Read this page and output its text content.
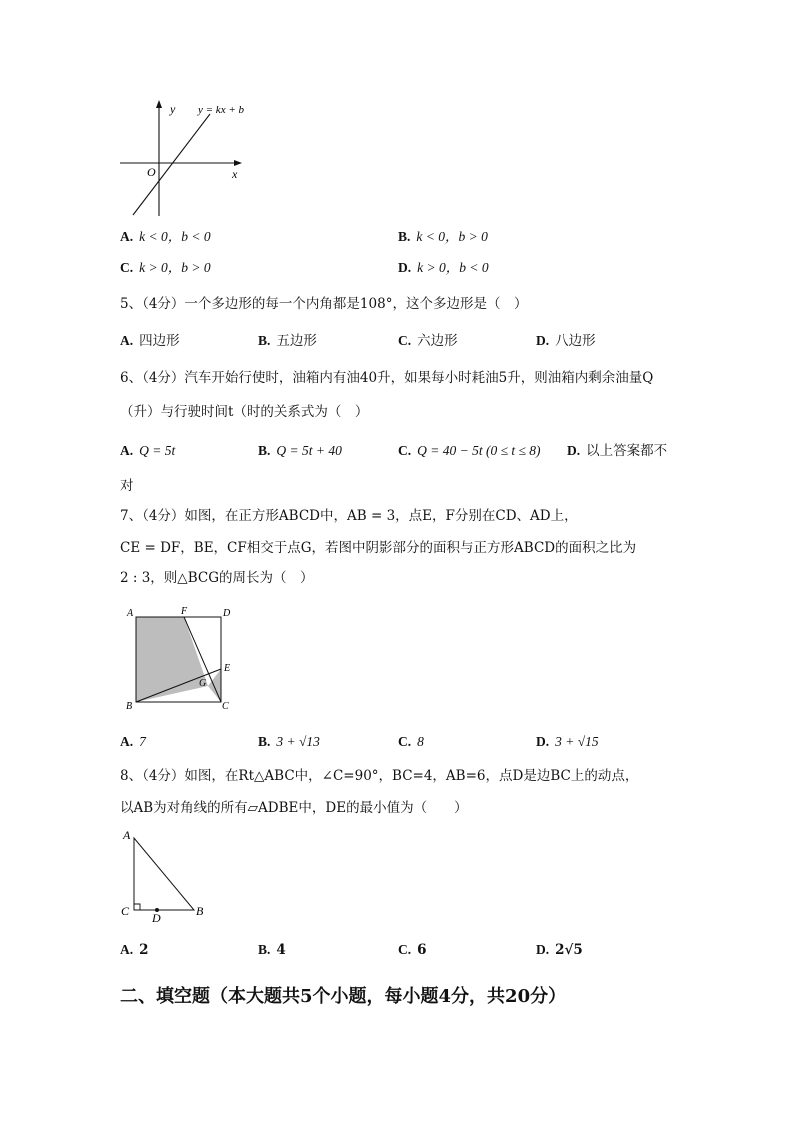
y y = kx + b
O	x
A. k < 0，b < 0	B. k < 0，b > 0
C. k > 0，b > 0	D. k > 0，b < 0
5、（4分）一个多边形的每一个内角都是108°，这个多边形是（　）
A. 四边形	B. 五边形	C. 六边形	D. 八边形
6、（4分）汽车开始行使时，油箱内有油40升，如果每小时耗油5升，则油箱内剩余油量Q
（升）与行驶时间t（时的关系式为（　）
A. Q = 5t	B. Q = 5t + 40	C. Q = 40 − 5t (0 ≤ t ≤ 8) D. 以上答案都不
对
7、（4分）如图，在正方形ABCD中，AB = 3，点E，F分别在CD、AD上，
CE = DF，BE，CF相交于点G，若图中阴影部分的面积与正方形ABCD的面积之比为
2 : 3，则△BCG的周长为（　）
A	F	D
E
G
B	C
A. 7	B. 3 + √13	C. 8	D. 3 + √15
8、（4分）如图，在Rt△ABC中，∠C=90°，BC=4，AB=6，点D是边BC上的动点，
以AB为对角线的所有▱ADBE中，DE的最小值为（　　）
A
C D	B
A. 2	B. 4	C. 6	D. 2√5
二、填空题（本大题共5个小题，每小题4分，共20分）
